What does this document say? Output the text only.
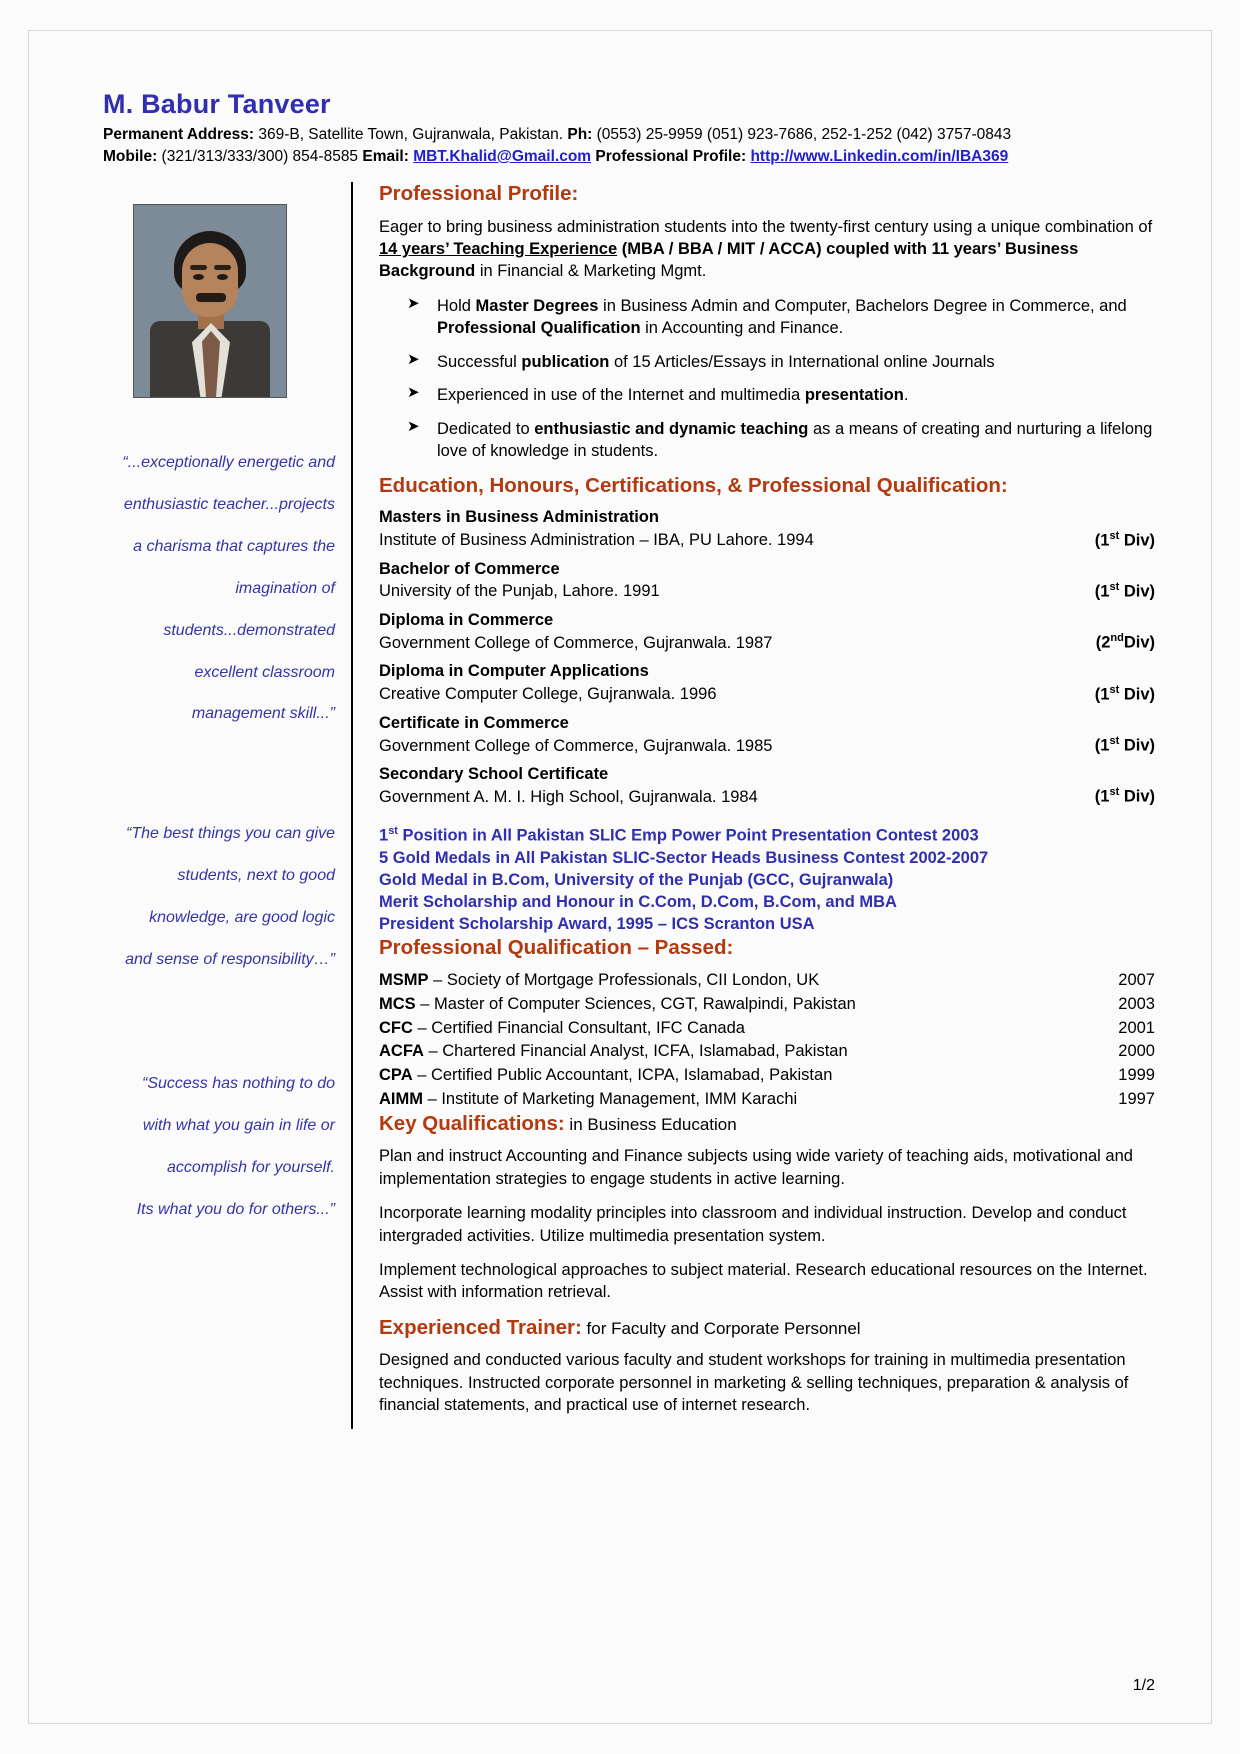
M. Babur Tanveer
Permanent Address: 369-B, Satellite Town, Gujranwala, Pakistan. Ph: (0553) 25-9959 (051) 923-7686, 252-1-252 (042) 3757-0843
Mobile: (321/313/333/300) 854-8585 Email: MBT.Khalid@Gmail.com Professional Profile: http://www.Linkedin.com/in/IBA369
“...exceptionally energetic and
enthusiastic teacher...projects
a charisma that captures the
imagination of
students...demonstrated
excellent classroom
management skill...”
“The best things you can give
students, next to good
knowledge, are good logic
and sense of responsibility…”
“Success has nothing to do
with what you gain in life or
accomplish for yourself.
Its what you do for others...”
Professional Profile:

Eager to bring business administration students into the twenty-first century using a unique combination of 14 years’ Teaching Experience (MBA / BBA / MIT / ACCA) coupled with 11 years’ Business Background in Financial & Marketing Mgmt.

➤ Hold Master Degrees in Business Admin and Computer, Bachelors Degree in Commerce, and Professional Qualification in Accounting and Finance.
➤ Successful publication of 15 Articles/Essays in International online Journals
➤ Experienced in use of the Internet and multimedia presentation.
➤ Dedicated to enthusiastic and dynamic teaching as a means of creating and nurturing a lifelong love of knowledge in students.
Education, Honours, Certifications, & Professional Qualification:
Masters in Business Administration
Institute of Business Administration – IBA, PU Lahore. 1994	(1st Div)
Bachelor of Commerce
University of the Punjab, Lahore. 1991	(1st Div)
Diploma in Commerce
Government College of Commerce, Gujranwala. 1987	(2ndDiv)
Diploma in Computer Applications
Creative Computer College, Gujranwala. 1996	(1st Div)
Certificate in Commerce
Government College of Commerce, Gujranwala. 1985	(1st Div)
Secondary School Certificate
Government A. M. I. High School, Gujranwala. 1984	(1st Div)
1st Position in All Pakistan SLIC Emp Power Point Presentation Contest 2003
5 Gold Medals in All Pakistan SLIC-Sector Heads Business Contest 2002-2007
Gold Medal in B.Com, University of the Punjab (GCC, Gujranwala)
Merit Scholarship and Honour in C.Com, D.Com, B.Com, and MBA
President Scholarship Award, 1995 – ICS Scranton USA
Professional Qualification – Passed:
MSMP – Society of Mortgage Professionals, CII London, UK	2007
MCS – Master of Computer Sciences, CGT, Rawalpindi, Pakistan	2003
CFC – Certified Financial Consultant, IFC Canada	2001
ACFA – Chartered Financial Analyst, ICFA, Islamabad, Pakistan	2000
CPA – Certified Public Accountant, ICPA, Islamabad, Pakistan	1999
AIMM – Institute of Marketing Management, IMM Karachi	1997
Key Qualifications: in Business Education

Plan and instruct Accounting and Finance subjects using wide variety of teaching aids, motivational and implementation strategies to engage students in active learning.

Incorporate learning modality principles into classroom and individual instruction. Develop and conduct intergraded activities. Utilize multimedia presentation system.

Implement technological approaches to subject material. Research educational resources on the Internet. Assist with information retrieval.

Experienced Trainer: for Faculty and Corporate Personnel

Designed and conducted various faculty and student workshops for training in multimedia presentation techniques. Instructed corporate personnel in marketing & selling techniques, preparation & analysis of financial statements, and practical use of internet research.

1/2
